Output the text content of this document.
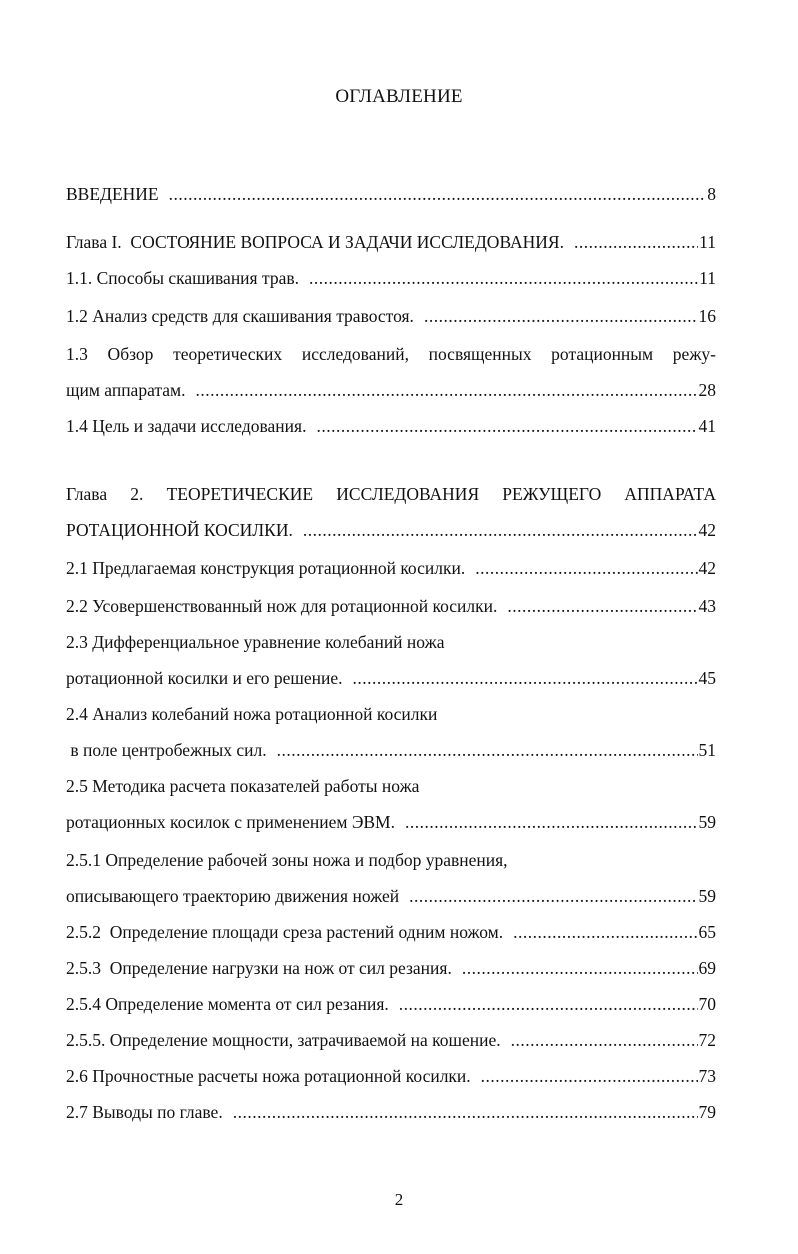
ОГЛАВЛЕНИЕ
ВВЕДЕНИЕ .....	8
Глава I.  СОСТОЯНИЕ ВОПРОСА И ЗАДАЧИ ИССЛЕДОВАНИЯ. .....	11
1.1. Способы скашивания трав. .....	11
1.2 Анализ средств для скашивания травостоя. .....	16
1.3 Обзор теоретических исследований, посвященных ротационным режу-
щим аппаратам. .....	28
1.4 Цель и задачи исследования. .....	41
Глава 2. ТЕОРЕТИЧЕСКИЕ ИССЛЕДОВАНИЯ РЕЖУЩЕГО АППАРАТА
РОТАЦИОННОЙ КОСИЛКИ. .....	42
2.1 Предлагаемая конструкция ротационной косилки. .....	42
2.2 Усовершенствованный нож для ротационной косилки. .....	43
2.3 Дифференциальное уравнение колебаний ножа
ротационной косилки и его решение. .....	45
2.4 Анализ колебаний ножа ротационной косилки
в поле центробежных сил. .....	51
2.5 Методика расчета показателей работы ножа
ротационных косилок с применением ЭВМ. .....	59
2.5.1 Определение рабочей зоны ножа и подбор уравнения,
описывающего траекторию движения ножей .....	59
2.5.2  Определение площади среза растений одним ножом. .....	65
2.5.3  Определение нагрузки на нож от сил резания. .....	69
2.5.4 Определение момента от сил резания. .....	70
2.5.5. Определение мощности, затрачиваемой на кошение. .....	72
2.6 Прочностные расчеты ножа ротационной косилки. .....	73
2.7 Выводы по главе. .....	79
2
